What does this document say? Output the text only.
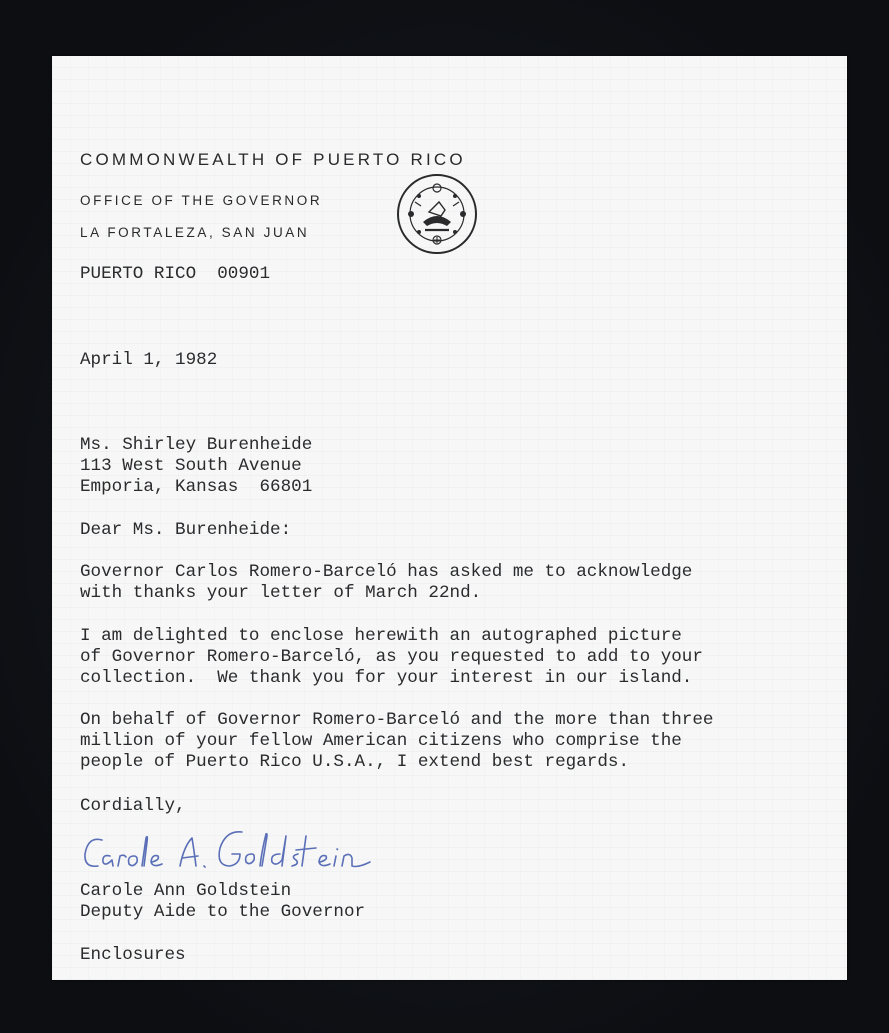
COMMONWEALTH OF PUERTO RICO
OFFICE OF THE GOVERNOR
LA FORTALEZA, SAN JUAN
PUERTO RICO  00901
April 1, 1982
Ms. Shirley Burenheide
113 West South Avenue
Emporia, Kansas  66801
Dear Ms. Burenheide:
Governor Carlos Romero-Barceló has asked me to acknowledge
with thanks your letter of March 22nd.
I am delighted to enclose herewith an autographed picture
of Governor Romero-Barceló, as you requested to add to your
collection.  We thank you for your interest in our island.
On behalf of Governor Romero-Barceló and the more than three
million of your fellow American citizens who comprise the
people of Puerto Rico U.S.A., I extend best regards.
Cordially,
Carole Ann Goldstein
Deputy Aide to the Governor
Enclosures
